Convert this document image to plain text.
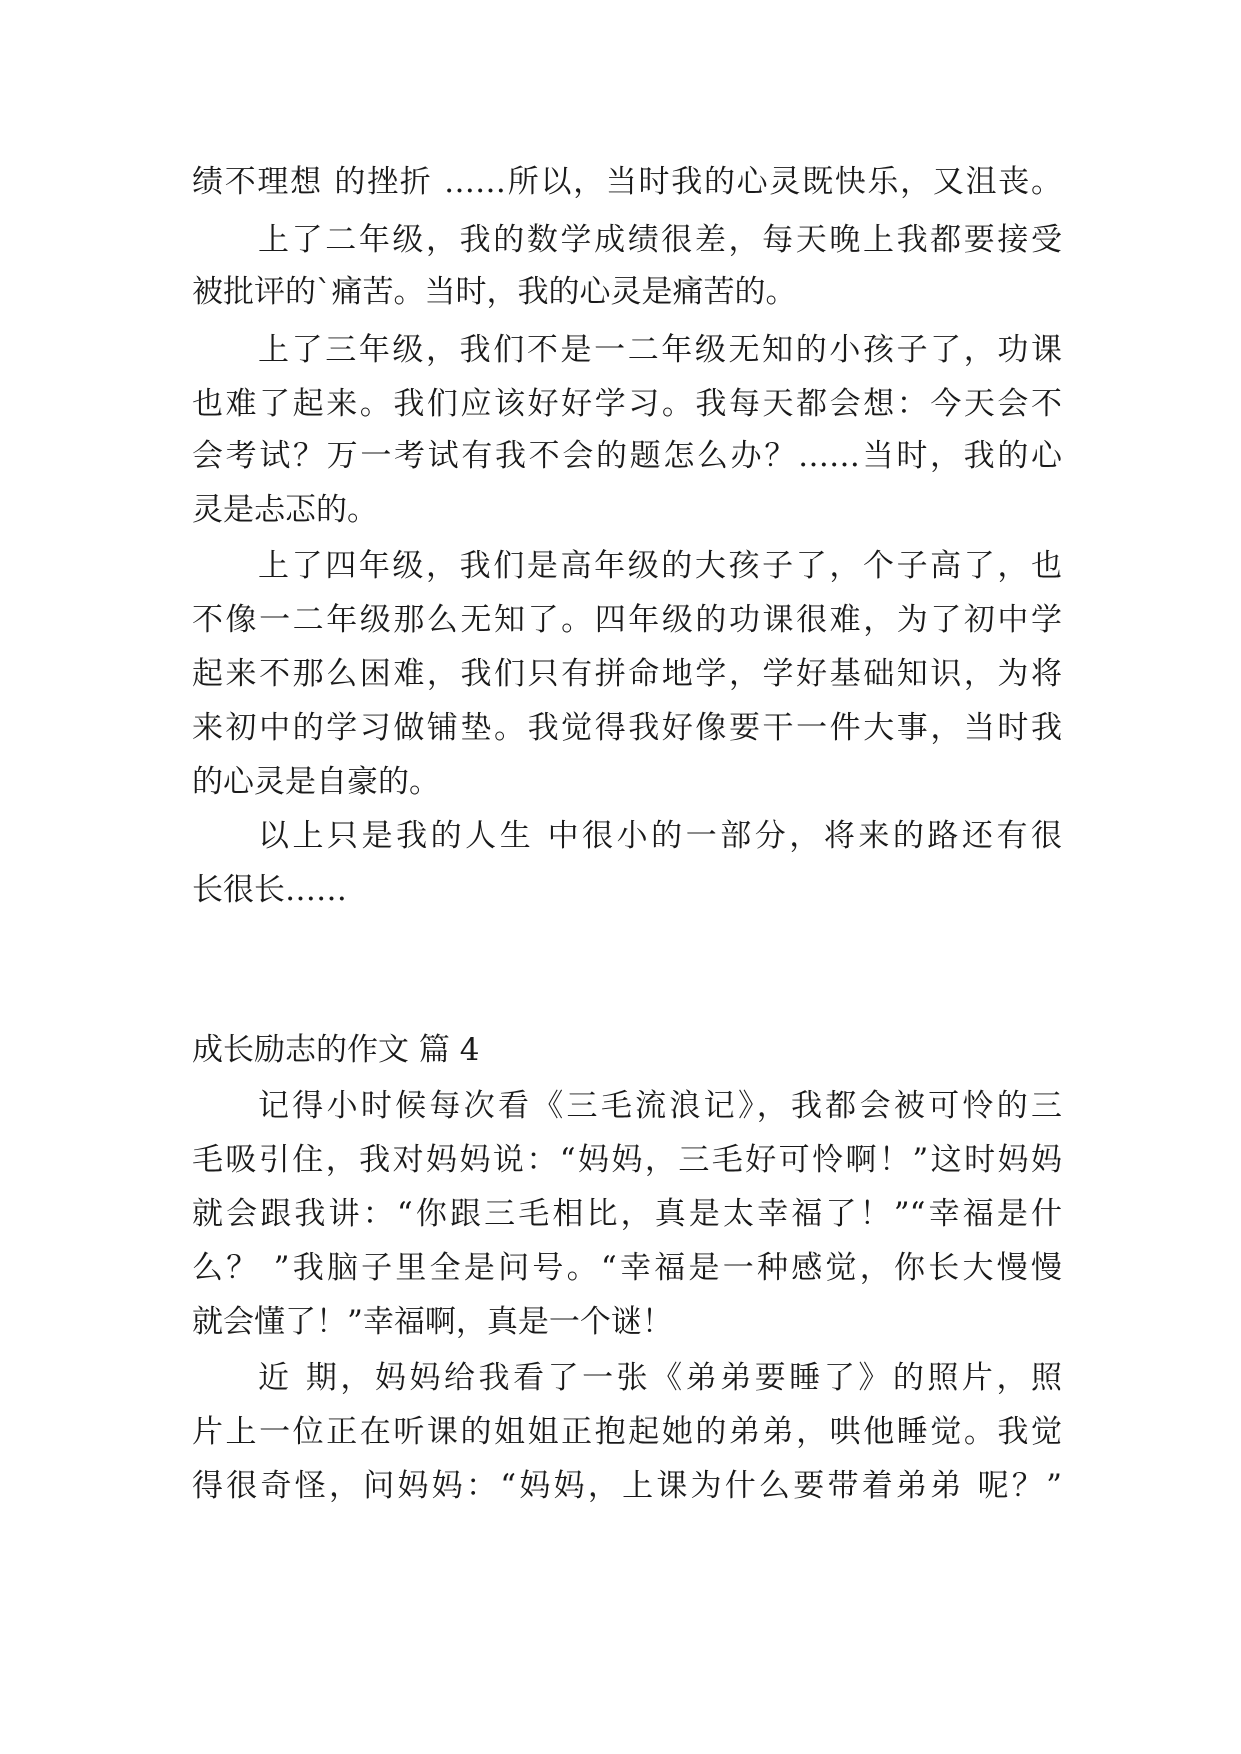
绩不理想 的挫折 ……所以，当时我的心灵既快乐，又沮丧。
上了二年级，我的数学成绩很差，每天晚上我都要接受
被批评的`痛苦。当时，我的心灵是痛苦的。
上了三年级，我们不是一二年级无知的小孩子了，功课
也难了起来。我们应该好好学习。我每天都会想：今天会不
会考试？万一考试有我不会的题怎么办？……当时，我的心
灵是忐忑的。
上了四年级，我们是高年级的大孩子了，个子高了，也
不像一二年级那么无知了。四年级的功课很难，为了初中学
起来不那么困难，我们只有拼命地学，学好基础知识，为将
来初中的学习做铺垫。我觉得我好像要干一件大事，当时我
的心灵是自豪的。
以上只是我的人生 中很小的一部分，将来的路还有很
长很长……
成长励志的作文 篇 4
记得小时候每次看《三毛流浪记》，我都会被可怜的三
毛吸引住，我对妈妈说：“妈妈，三毛好可怜啊！”这时妈妈
就会跟我讲：“你跟三毛相比，真是太幸福了！”“幸福是什
么？ ”我脑子里全是问号。“幸福是一种感觉，你长大慢慢
就会懂了！”幸福啊，真是一个谜！
近 期，妈妈给我看了一张《弟弟要睡了》的照片，照
片上一位正在听课的姐姐正抱起她的弟弟，哄他睡觉。我觉
得很奇怪，问妈妈：“妈妈，上课为什么要带着弟弟 呢？”
